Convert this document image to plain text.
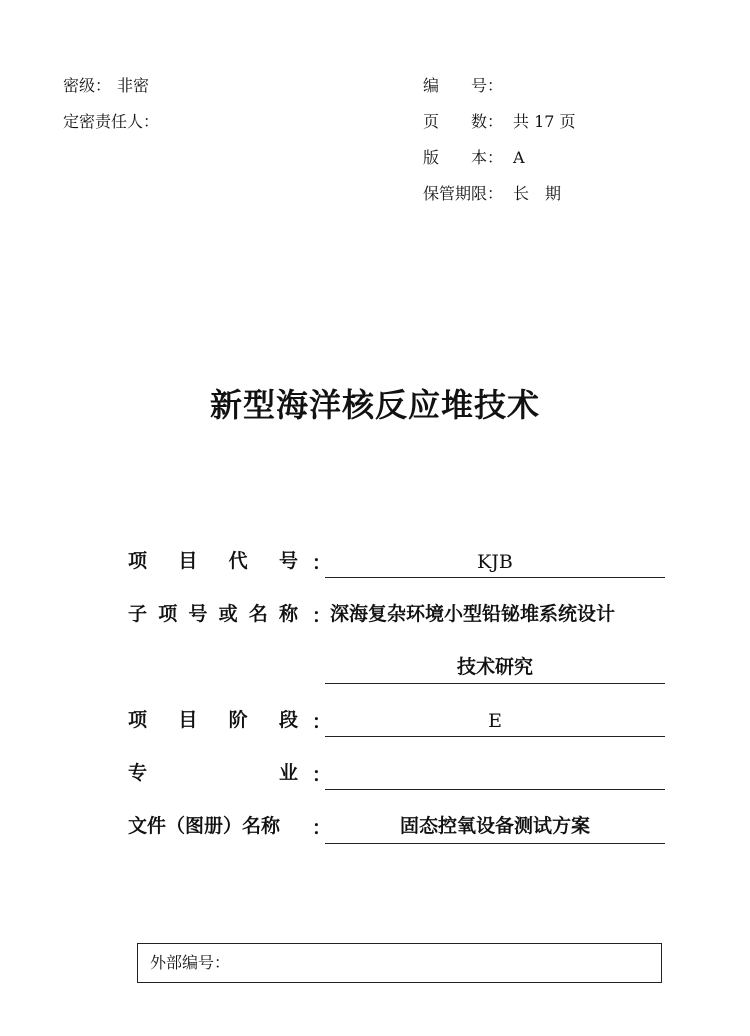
密级： 非密
定密责任人：
编　　号：
页　　数： 共 17 页
版　　本： A
保管期限： 长　期
新型海洋核反应堆技术
项 目 代 号 ：	KJB
子 项 号 或 名 称 ：
深海复杂环境小型铅铋堆系统设计
技术研究
项 目 阶 段 ：	E
专	业 ：
文件（图册）名称 ：	固态控氧设备测试方案
外部编号：
